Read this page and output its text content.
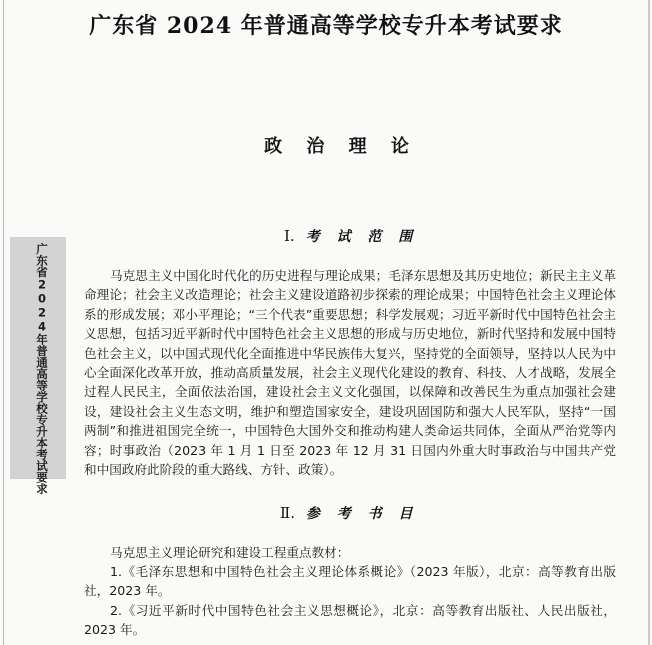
广东省 2024 年普通高等学校专升本考试要求
政 治 理 论
广东省2024年普通高等学校专升本考试要求
Ⅰ. 考 试 范 围
马克思主义中国化时代化的历史进程与理论成果；毛泽东思想及其历史地位；新民主主义革命理论；社会主义改造理论；社会主义建设道路初步探索的理论成果；中国特色社会主义理论体系的形成发展；邓小平理论；“三个代表”重要思想；科学发展观；习近平新时代中国特色社会主义思想，包括习近平新时代中国特色社会主义思想的形成与历史地位，新时代坚持和发展中国特色社会主义，以中国式现代化全面推进中华民族伟大复兴，坚持党的全面领导，坚持以人民为中心全面深化改革开放，推动高质量发展，社会主义现代化建设的教育、科技、人才战略，发展全过程人民民主，全面依法治国，建设社会主义文化强国，以保障和改善民生为重点加强社会建设，建设社会主义生态文明，维护和塑造国家安全，建设巩固国防和强大人民军队，坚持“一国两制”和推进祖国完全统一，中国特色大国外交和推动构建人类命运共同体，全面从严治党等内容；时事政治（2023 年 1 月 1 日至 2023 年 12 月 31 日国内外重大时事政治与中国共产党和中国政府此阶段的重大路线、方针、政策）。
Ⅱ. 参 考 书 目
马克思主义理论研究和建设工程重点教材：
1.《毛泽东思想和中国特色社会主义理论体系概论》（2023 年版），北京：高等教育出版社，2023 年。
2.《习近平新时代中国特色社会主义思想概论》，北京：高等教育出版社、人民出版社，2023 年。
